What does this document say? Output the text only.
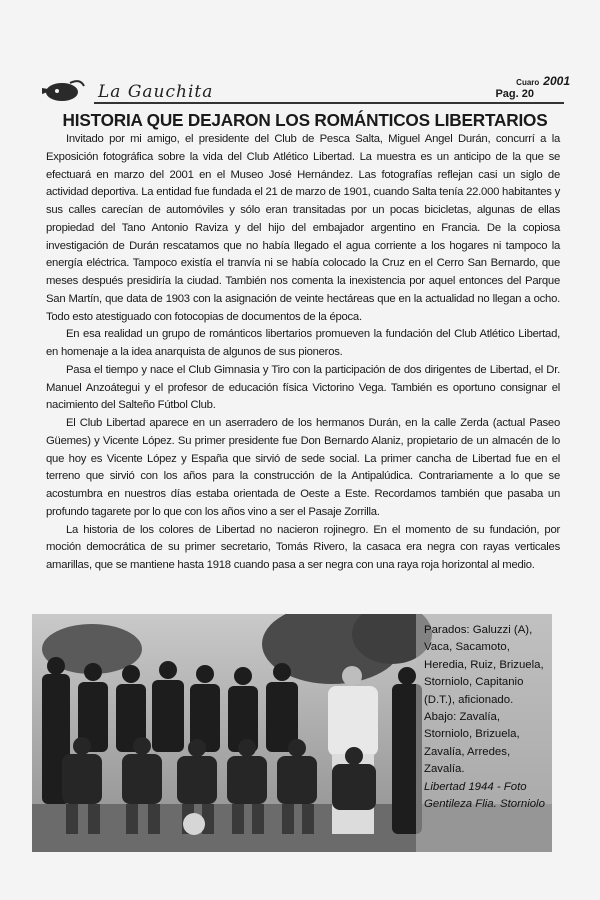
La Gauchita	Cuaro 2001
Pag. 20
HISTORIA QUE DEJARON LOS ROMÁNTICOS LIBERTARIOS

Invitado por mi amigo, el presidente del Club de Pesca Salta, Miguel Angel Durán, concurrí a la Exposición fotográfica sobre la vida del Club Atlético Libertad. La muestra es un anticipo de la que se efectuará en marzo del 2001 en el Museo José Hernández. Las fotografías reflejan casi un siglo de actividad deportiva. La entidad fue fundada el 21 de marzo de 1901, cuando Salta tenía 22.000 habitantes y sus calles carecían de automóviles y sólo eran transitadas por un pocas bicicletas, algunas de ellas propiedad del Tano Antonio Raviza y del hijo del embajador argentino en Francia. De la copiosa investigación de Durán rescatamos que no había llegado el agua corriente a los hogares ni tampoco la energía eléctrica. Tampoco existía el tranvía ni se había colocado la Cruz en el Cerro San Bernardo, que meses después presidiría la ciudad. También nos comenta la inexistencia por aquel entonces del Parque San Martín, que data de 1903 con la asignación de veinte hectáreas que en la actualidad no llegan a ocho. Todo esto atestiguado con fotocopias de documentos de la época.

En esa realidad un grupo de románticos libertarios promueven la fundación del Club Atlético Libertad, en homenaje a la idea anarquista de algunos de sus pioneros.

Pasa el tiempo y nace el Club Gimnasia y Tiro con la participación de dos dirigentes de Libertad, el Dr. Manuel Anzoátegui y el profesor de educación física Victorino Vega. También es oportuno consignar el nacimiento del Salteño Fútbol Club.

El Club Libertad aparece en un aserradero de los hermanos Durán, en la calle Zerda (actual Paseo Güemes) y Vicente López. Su primer presidente fue Don Bernardo Alaniz, propietario de un almacén de lo que hoy es Vicente López y España que sirvió de sede social. La primer cancha de Libertad fue en el terreno que sirvió con los años para la construcción de la Antipalúdica. Contrariamente a lo que se acostumbra en nuestros días estaba orientada de Oeste a Este. Recordamos también que pasaba un profundo tagarete por lo que con los años vino a ser el Pasaje Zorrilla.

La historia de los colores de Libertad no nacieron rojinegro. En el momento de su fundación, por moción democrática de su primer secretario, Tomás Rivero, la casaca era negra con rayas verticales amarillas, que se mantiene hasta 1918 cuando pasa a ser negra con una raya roja horizontal al medio.

Parados: Galuzzi (A),
Vaca, Sacamoto,
Heredia, Ruiz, Brizuela,
Storniolo, Capitanio
(D.T.), aficionado.
Abajo: Zavalía,
Storniolo, Brizuela,
Zavalía, Arredes,
Zavalía.
Libertad 1944 - Foto
Gentileza Flia. Storniolo
